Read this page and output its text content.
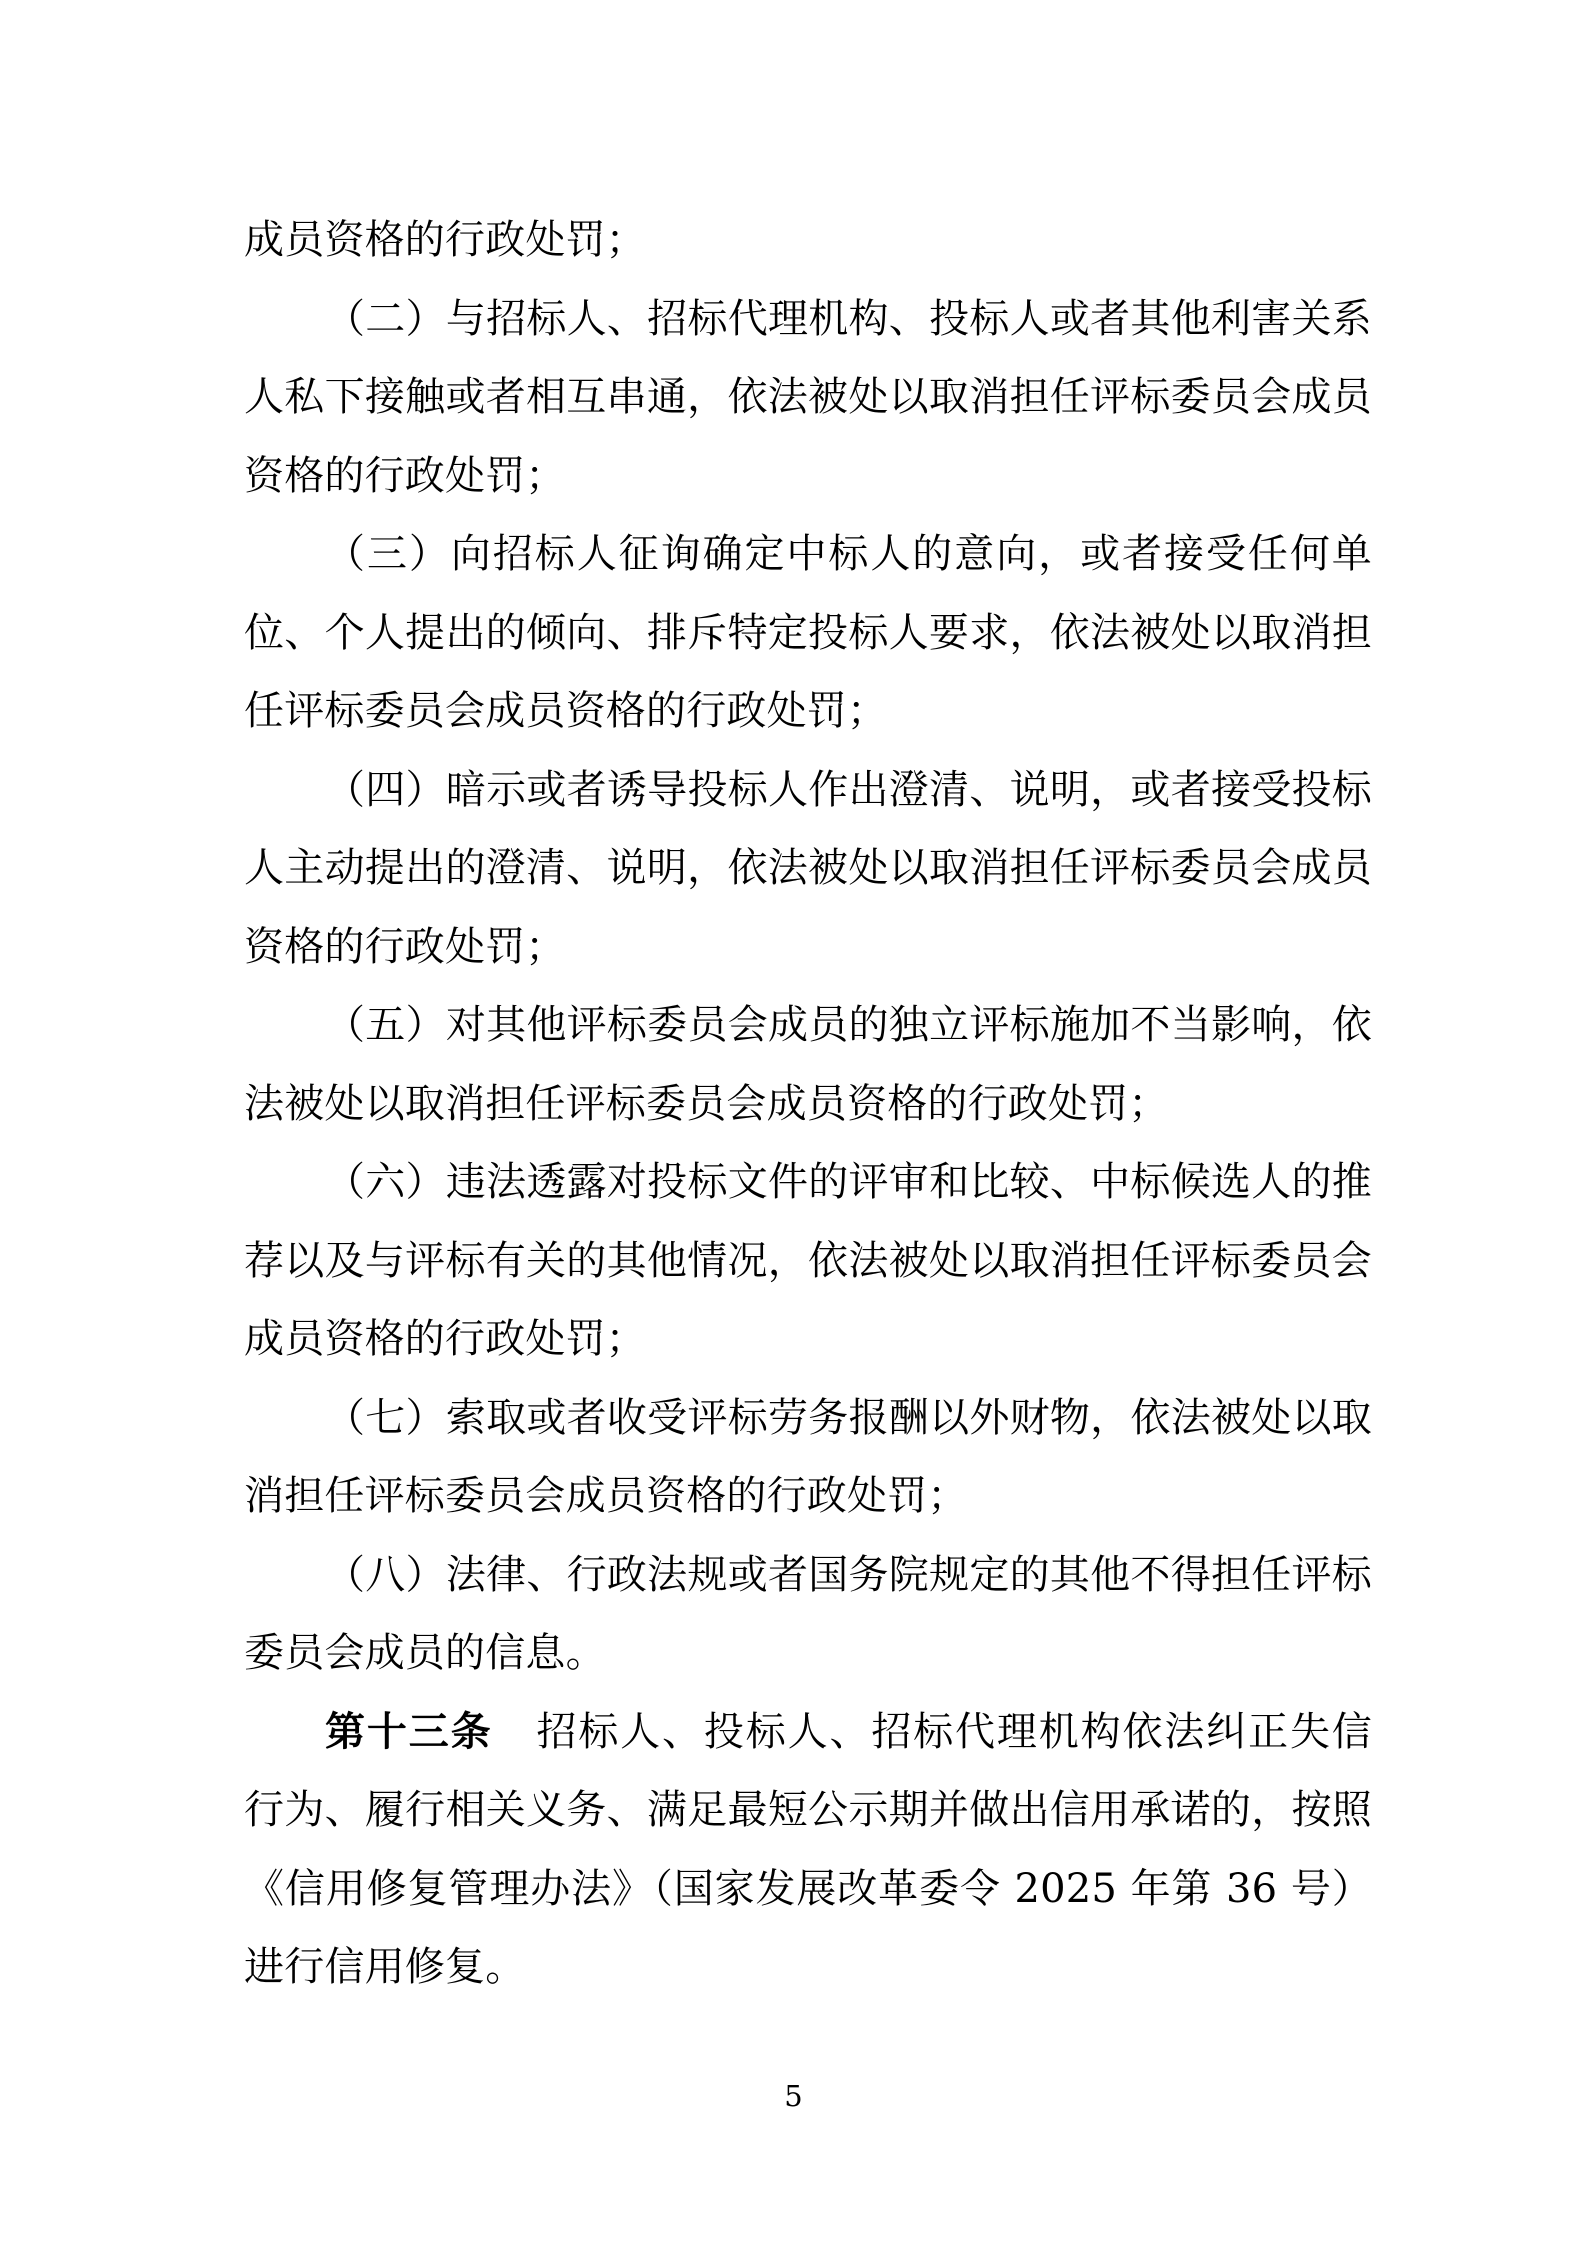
成员资格的行政处罚；

（二）与招标人、招标代理机构、投标人或者其他利害关系人私下接触或者相互串通，依法被处以取消担任评标委员会成员资格的行政处罚；

（三）向招标人征询确定中标人的意向，或者接受任何单位、个人提出的倾向、排斥特定投标人要求，依法被处以取消担任评标委员会成员资格的行政处罚；

（四）暗示或者诱导投标人作出澄清、说明，或者接受投标人主动提出的澄清、说明，依法被处以取消担任评标委员会成员资格的行政处罚；

（五）对其他评标委员会成员的独立评标施加不当影响，依法被处以取消担任评标委员会成员资格的行政处罚；

（六）违法透露对投标文件的评审和比较、中标候选人的推荐以及与评标有关的其他情况，依法被处以取消担任评标委员会成员资格的行政处罚；

（七）索取或者收受评标劳务报酬以外财物，依法被处以取消担任评标委员会成员资格的行政处罚；

（八）法律、行政法规或者国务院规定的其他不得担任评标委员会成员的信息。

第十三条 招标人、投标人、招标代理机构依法纠正失信行为、履行相关义务、满足最短公示期并做出信用承诺的，按照《信用修复管理办法》（国家发展改革委令 2025 年第 36 号）进行信用修复。

5
